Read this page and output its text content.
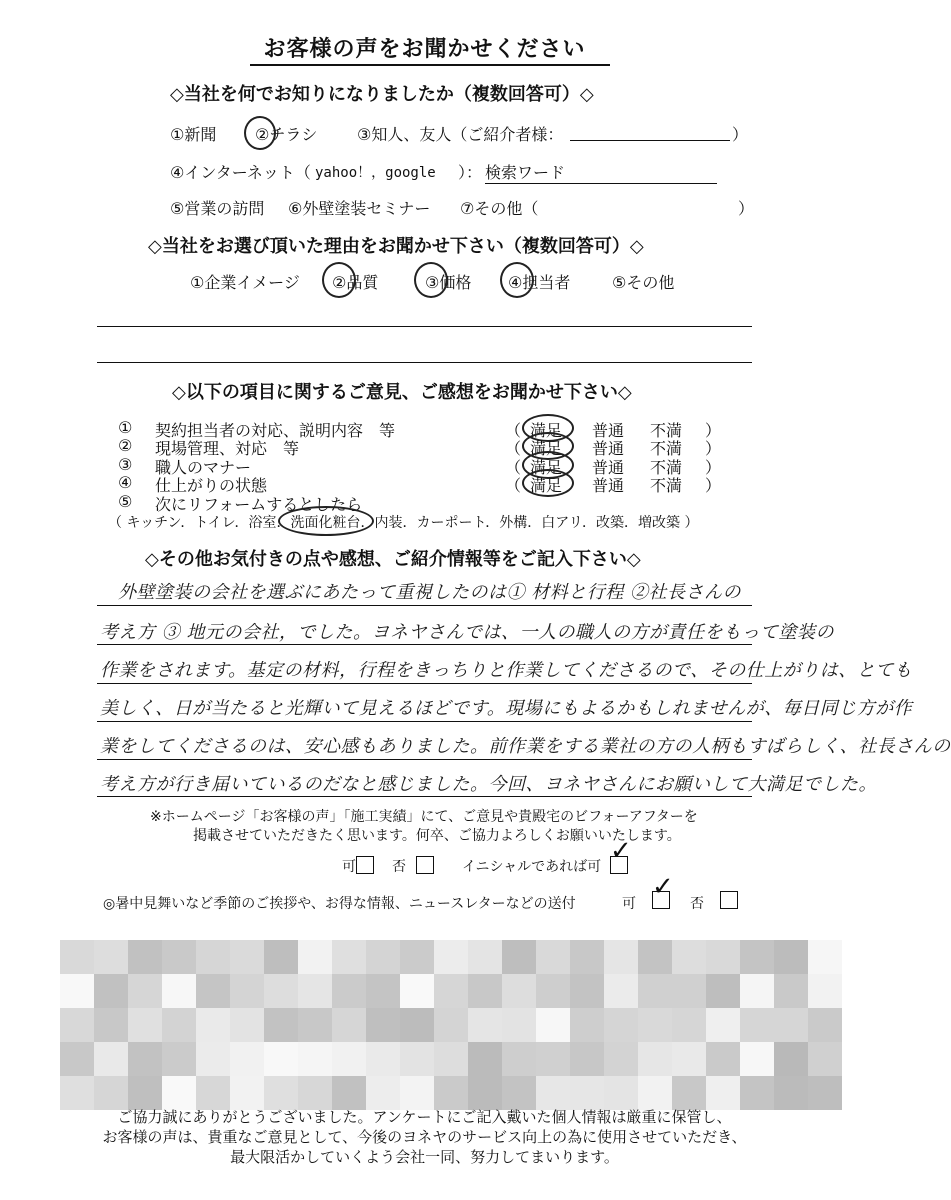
お客様の声をお聞かせください
◇当社を何でお知りになりましたか（複数回答可）◇
①新聞 ②チラシ ③知人、友人（ご紹介者様：	）
④インターネット（ yahoo！，google ）： 検索ワード
⑤営業の訪問 ⑥外壁塗装セミナー ⑦その他（	）
◇当社をお選び頂いた理由をお聞かせ下さい（複数回答可）◇
①企業イメージ ②品質	③価格 ④担当者	⑤その他
◇以下の項目に関するご意見、ご感想をお聞かせ下さい◇
① 契約担当者の対応、説明内容　等	（ 満足 普通 不満 ）
② 現場管理、対応　等	（ 満足 普通 不満 ）
③ 職人のマナー	（ 満足 普通 不満 ）
④ 仕上がりの状態	（ 満足 普通 不満 ）
⑤ 次にリフォームするとしたら
（ キッチン．トイレ．浴室．洗面化粧台．内装．カーポート．外構．白アリ．改築．増改築 ）
◇その他お気付きの点や感想、ご紹介情報等をご記入下さい◇
外壁塗装の会社を選ぶにあたって重視したのは① 材料と行程 ②社長さんの
考え方 ③ 地元の会社，でした。ヨネヤさんでは、一人の職人の方が責任をもって塗装の
作業をされます。基定の材料，行程をきっちりと作業してくださるので、その仕上がりは、とても
美しく、日が当たると光輝いて見えるほどです。現場にもよるかもしれませんが、毎日同じ方が作
業をしてくださるのは、安心感もありました。前作業をする業社の方の人柄もすばらしく、社長さんの
考え方が行き届いているのだなと感じました。今回、ヨネヤさんにお願いして大満足でした。
※ホームページ「お客様の声」「施工実績」にて、ご意見や貴殿宅のビフォーアフターを
掲載させていただきたく思います。何卒、ご協力よろしくお願いいたします。
可	否	イニシャルであれば可
✓
◎暑中見舞いなど季節のご挨拶や、お得な情報、ニュースレターなどの送付	可
✓
否
ご協力誠にありがとうございました。アンケートにご記入戴いた個人情報は厳重に保管し、
お客様の声は、貴重なご意見として、今後のヨネヤのサービス向上の為に使用させていただき、
最大限活かしていくよう会社一同、努力してまいります。
